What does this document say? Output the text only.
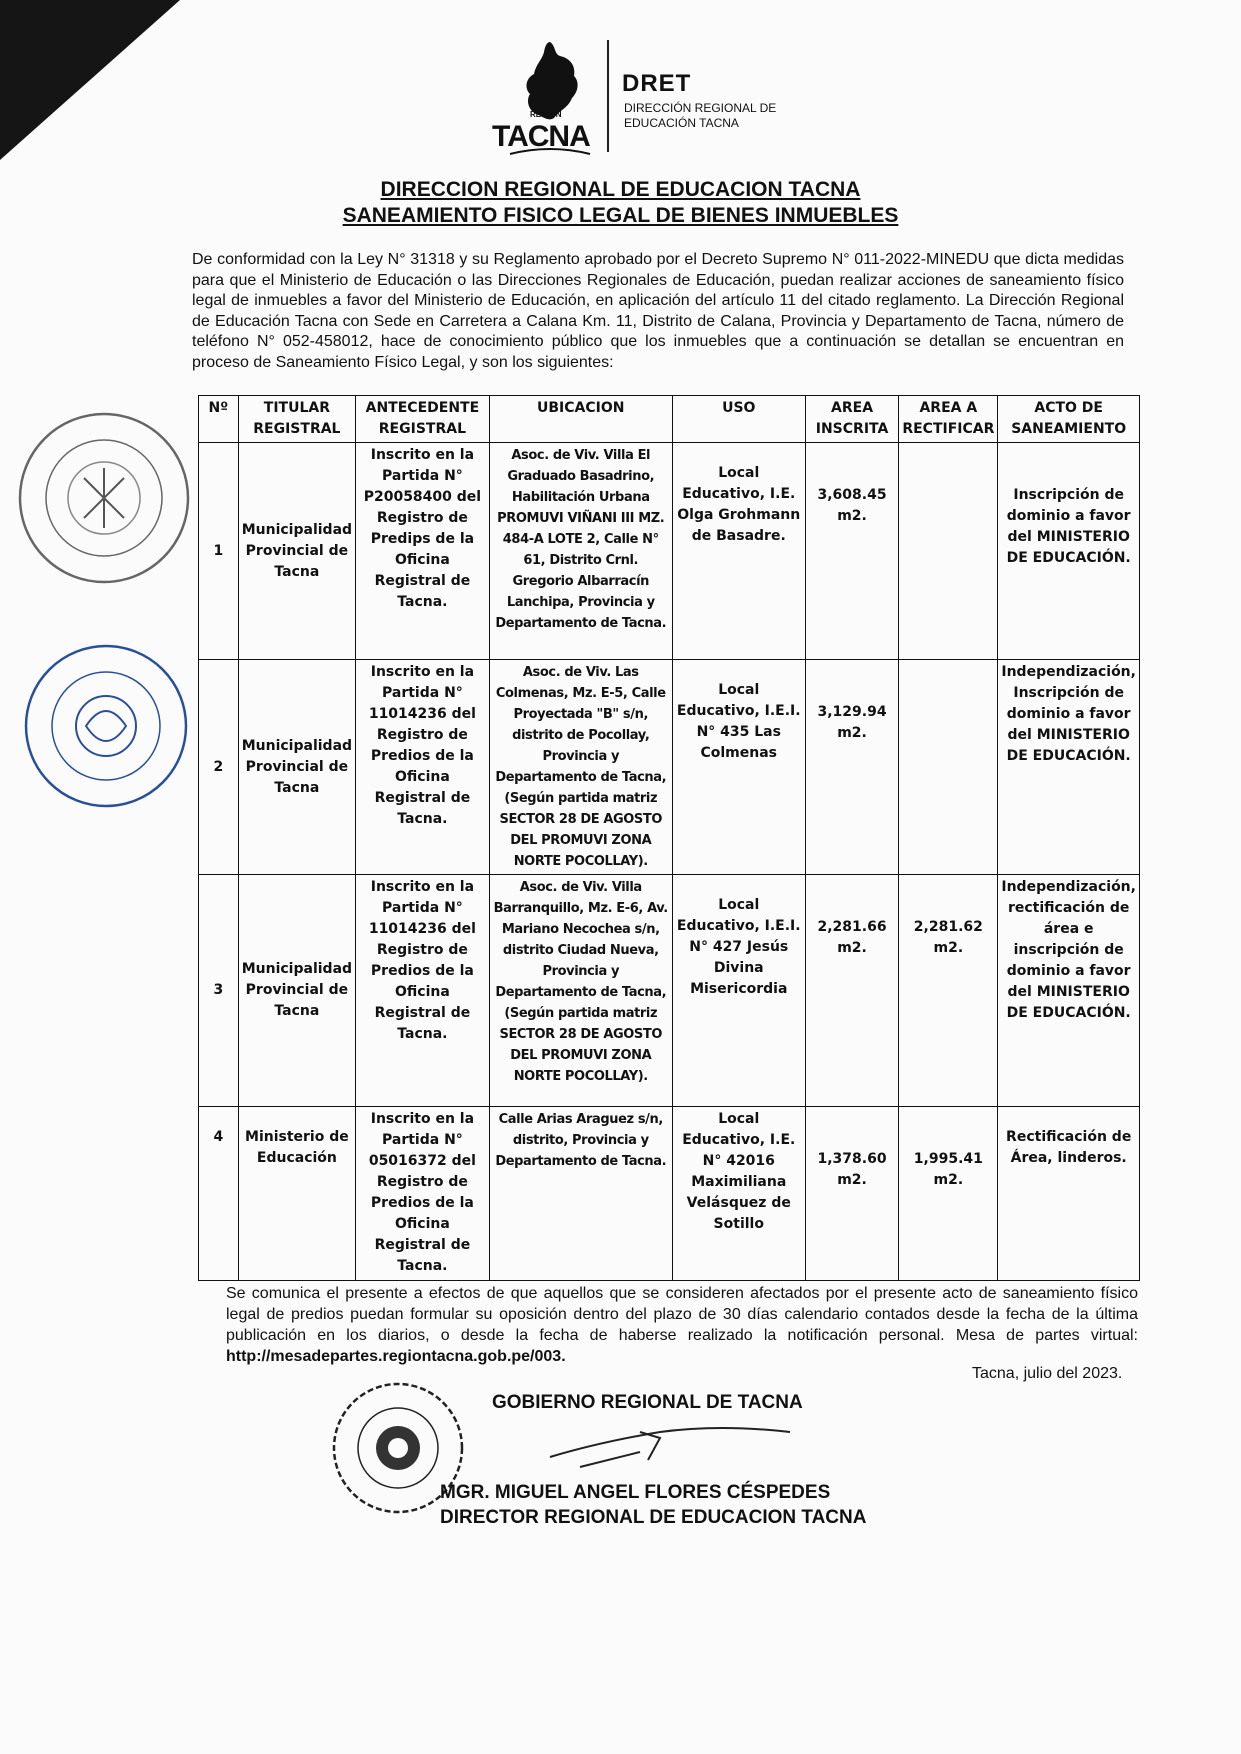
REGIÓN
TACNA
DRET
DIRECCIÓN REGIONAL DE EDUCACIÓN TACNA
DIRECCION REGIONAL DE EDUCACION TACNA
SANEAMIENTO FISICO LEGAL DE BIENES INMUEBLES
De conformidad con la Ley N° 31318 y su Reglamento aprobado por el Decreto Supremo N° 011-2022-MINEDU que dicta medidas para que el Ministerio de Educación o las Direcciones Regionales de Educación, puedan realizar acciones de saneamiento físico legal de inmuebles a favor del Ministerio de Educación, en aplicación del artículo 11 del citado reglamento. La Dirección Regional de Educación Tacna con Sede en Carretera a Calana Km. 11, Distrito de Calana, Provincia y Departamento de Tacna, número de teléfono N° 052-458012, hace de conocimiento público que los inmuebles que a continuación se detallan se encuentran en proceso de Saneamiento Físico Legal, y son los siguientes:
Nº	TITULAR REGISTRAL	ANTECEDENTE REGISTRAL	UBICACION	USO	AREA INSCRITA	AREA A RECTIFICAR	ACTO DE SANEAMIENTO
1	Municipalidad Provincial de Tacna	Inscrito en la Partida N° P20058400 del Registro de Predips de la Oficina Registral de Tacna.	Asoc. de Viv. Villa El Graduado Basadrino, Habilitación Urbana PROMUVI VIÑANI III MZ. 484-A LOTE 2, Calle N° 61, Distrito Crnl. Gregorio Albarracín Lanchipa, Provincia y Departamento de Tacna.	Local Educativo, I.E. Olga Grohmann de Basadre.	3,608.45 m2.		Inscripción de dominio a favor del MINISTERIO DE EDUCACIÓN.
2	Municipalidad Provincial de Tacna	Inscrito en la Partida N° 11014236 del Registro de Predios de la Oficina Registral de Tacna.	Asoc. de Viv. Las Colmenas, Mz. E-5, Calle Proyectada "B" s/n, distrito de Pocollay, Provincia y Departamento de Tacna, (Según partida matriz SECTOR 28 DE AGOSTO DEL PROMUVI ZONA NORTE POCOLLAY).	Local Educativo, I.E.I. N° 435 Las Colmenas	3,129.94 m2.		Independización, Inscripción de dominio a favor del MINISTERIO DE EDUCACIÓN.
3	Municipalidad Provincial de Tacna	Inscrito en la Partida N° 11014236 del Registro de Predios de la Oficina Registral de Tacna.	Asoc. de Viv. Villa Barranquillo, Mz. E-6, Av. Mariano Necochea s/n, distrito Ciudad Nueva, Provincia y Departamento de Tacna, (Según partida matriz SECTOR 28 DE AGOSTO DEL PROMUVI ZONA NORTE POCOLLAY).	Local Educativo, I.E.I. N° 427 Jesús Divina Misericordia	2,281.66 m2.	2,281.62 m2.	Independización, rectificación de área e inscripción de dominio a favor del MINISTERIO DE EDUCACIÓN.
4	Ministerio de Educación	Inscrito en la Partida N° 05016372 del Registro de Predios de la Oficina Registral de Tacna.	Calle Arias Araguez s/n, distrito, Provincia y Departamento de Tacna.	Local Educativo, I.E. N° 42016 Maximiliana Velásquez de Sotillo	1,378.60 m2.	1,995.41 m2.	Rectificación de Área, linderos.
Se comunica el presente a efectos de que aquellos que se consideren afectados por el presente acto de saneamiento físico legal de predios puedan formular su oposición dentro del plazo de 30 días calendario contados desde la fecha de la última publicación en los diarios, o desde la fecha de haberse realizado la notificación personal. Mesa de partes virtual: http://mesadepartes.regiontacna.gob.pe/003.
Tacna, julio del 2023.
GOBIERNO REGIONAL DE TACNA
MGR. MIGUEL ANGEL FLORES CÉSPEDES
DIRECTOR REGIONAL DE EDUCACION TACNA
